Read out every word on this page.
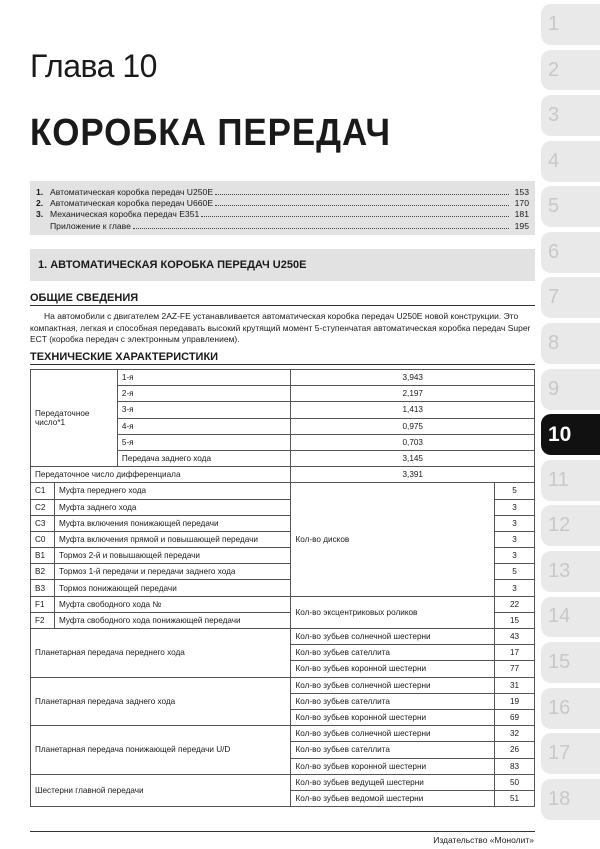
Глава 10
КОРОБКА ПЕРЕДАЧ
1. Автоматическая коробка передач U250E	153
2. Автоматическая коробка передач U660E	170
3. Механическая коробка передач E351	181
Приложение к главе	195
1. АВТОМАТИЧЕСКАЯ КОРОБКА ПЕРЕДАЧ U250E
ОБЩИЕ СВЕДЕНИЯ

На автомобили с двигателем 2AZ-FE устанавливается автоматическая коробка передач U250E новой конструкции. Это компактная, легкая и способная передавать высокий крутящий момент 5-ступенчатая автоматическая коробка передач Super ECT (коробка передач с электронным управлением).

ТЕХНИЧЕСКИЕ ХАРАКТЕРИСТИКИ
Передаточное число*1		1-я	3,943	
		2-я	2,197	
		3-я	1,413	
		4-я	0,975	
		5-я	0,703	
		Передача заднего хода	3,145	
Передаточное число дифференциала			3,391	
C1	Муфта переднего хода		Кол-во дисков	5
C2	Муфта заднего хода			3
C3	Муфта включения понижающей передачи			3
C0	Муфта включения прямой и повышающей передачи			3
B1	Тормоз 2-й и повышающей передачи			3
B2	Тормоз 1-й передачи и передачи заднего хода			5
B3	Тормоз понижающей передачи			3
F1	Муфта свободного хода №		Кол-во эксцентриковых роликов	22
F2	Муфта свободного хода понижающей передачи			15
Планетарная передача переднего хода			Кол-во зубьев солнечной шестерни	43
			Кол-во зубьев сателлита	17
			Кол-во зубьев коронной шестерни	77
Планетарная передача заднего хода			Кол-во зубьев солнечной шестерни	31
			Кол-во зубьев сателлита	19
			Кол-во зубьев коронной шестерни	69
Планетарная передача понижающей передачи U/D			Кол-во зубьев солнечной шестерни	32
			Кол-во зубьев сателлита	26
			Кол-во зубьев коронной шестерни	83
Шестерни главной передачи			Кол-во зубьев ведущей шестерни	50
			Кол-во зубьев ведомой шестерни	51
Издательство «Монолит»
1
2
3
4
5
6
7
8
9
10
11
12
13
14
15
16
17
18
